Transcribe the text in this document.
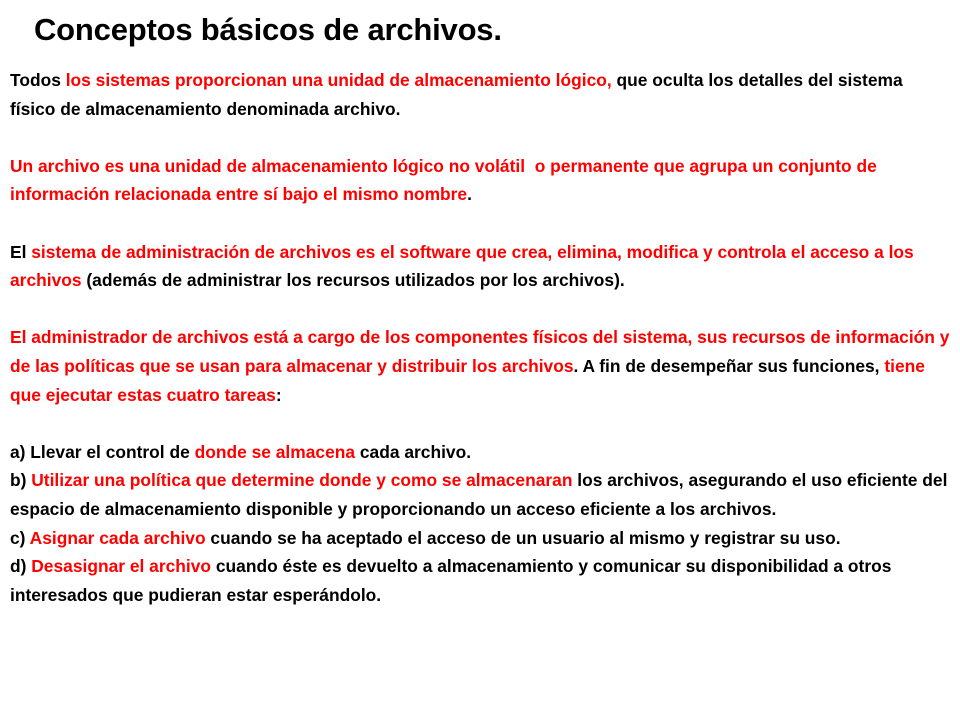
Conceptos básicos de archivos.

Todos los sistemas proporcionan una unidad de almacenamiento lógico, que oculta los detalles del sistema físico de almacenamiento denominada archivo.

Un archivo es una unidad de almacenamiento lógico no volátil  o permanente que agrupa un conjunto de información relacionada entre sí bajo el mismo nombre.

El sistema de administración de archivos es el software que crea, elimina, modifica y controla el acceso a los archivos (además de administrar los recursos utilizados por los archivos).

El administrador de archivos está a cargo de los componentes físicos del sistema, sus recursos de información y de las políticas que se usan para almacenar y distribuir los archivos. A fin de desempeñar sus funciones, tiene que ejecutar estas cuatro tareas:

a) Llevar el control de donde se almacena cada archivo.
b) Utilizar una política que determine donde y como se almacenaran los archivos, asegurando el uso eficiente del espacio de almacenamiento disponible y proporcionando un acceso eficiente a los archivos.
c) Asignar cada archivo cuando se ha aceptado el acceso de un usuario al mismo y registrar su uso.
d) Desasignar el archivo cuando éste es devuelto a almacenamiento y comunicar su disponibilidad a otros interesados que pudieran estar esperándolo.
